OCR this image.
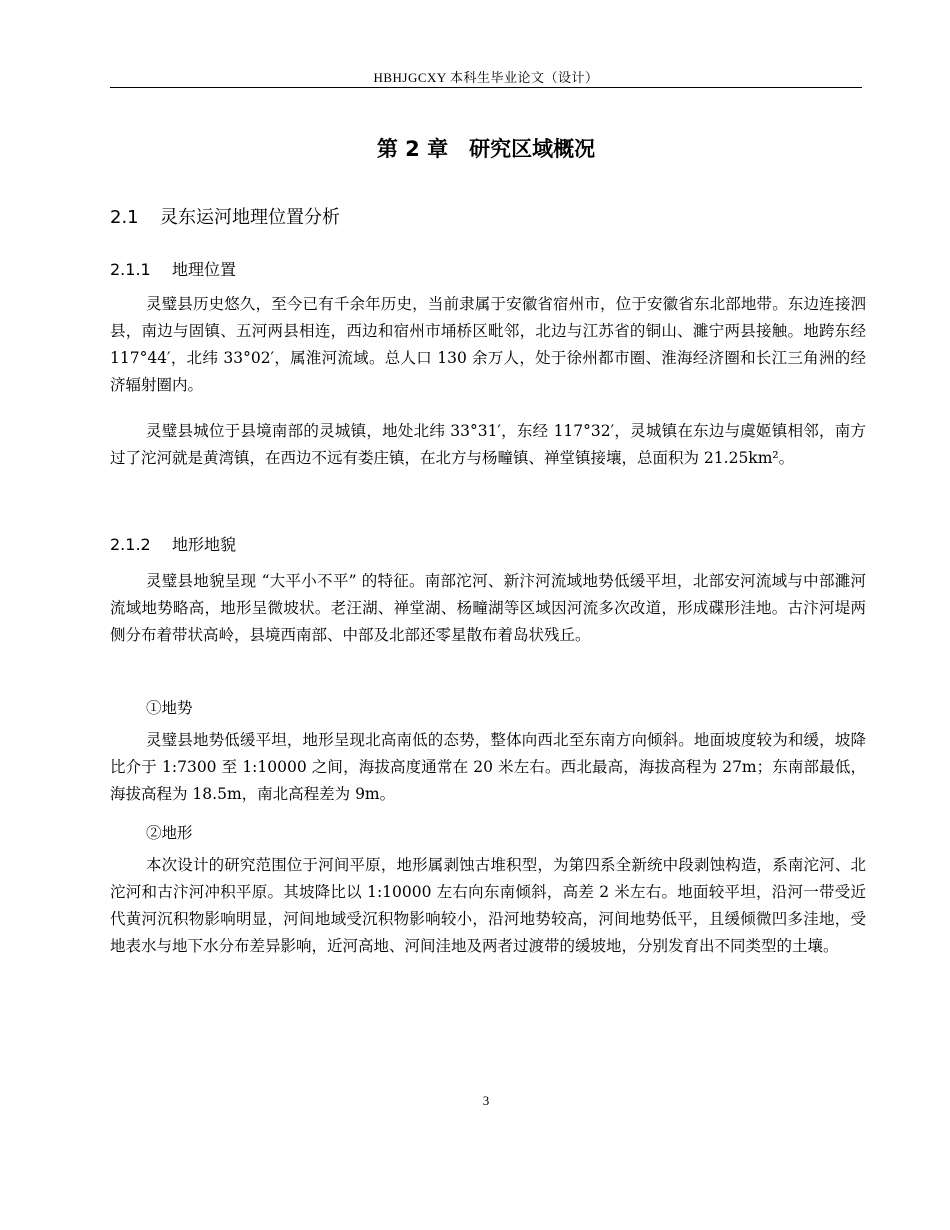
HBHJGCXY 本科生毕业论文（设计）
第 2 章　研究区域概况
2.1 灵东运河地理位置分析
2.1.1 地理位置

灵璧县历史悠久，至今已有千余年历史，当前隶属于安徽省宿州市，位于安徽省东北部地带。东边连接泗县，南边与固镇、五河两县相连，西边和宿州市埇桥区毗邻，北边与江苏省的铜山、濉宁两县接触。地跨东经 117°44′，北纬 33°02′，属淮河流域。总人口 130 余万人，处于徐州都市圈、淮海经济圈和长江三角洲的经济辐射圈内。

灵璧县城位于县境南部的灵城镇，地处北纬 33°31′，东经 117°32′，灵城镇在东边与虞姬镇相邻，南方过了沱河就是黄湾镇，在西边不远有娄庄镇，在北方与杨疃镇、禅堂镇接壤，总面积为 21.25km²。

2.1.2 地形地貌

灵璧县地貌呈现 “大平小不平” 的特征。南部沱河、新汴河流域地势低缓平坦，北部安河流域与中部濉河流域地势略高，地形呈微坡状。老汪湖、禅堂湖、杨疃湖等区域因河流多次改道，形成碟形洼地。古汴河堤两侧分布着带状高岭，县境西南部、中部及北部还零星散布着岛状残丘。

①地势

灵璧县地势低缓平坦，地形呈现北高南低的态势，整体向西北至东南方向倾斜。地面坡度较为和缓，坡降比介于 1:7300 至 1:10000 之间，海拔高度通常在 20 米左右。西北最高，海拔高程为 27m；东南部最低，海拔高程为 18.5m，南北高程差为 9m。

②地形

本次设计的研究范围位于河间平原，地形属剥蚀古堆积型，为第四系全新统中段剥蚀构造，系南沱河、北沱河和古汴河冲积平原。其坡降比以 1:10000 左右向东南倾斜，高差 2 米左右。地面较平坦，沿河一带受近代黄河沉积物影响明显，河间地域受沉积物影响较小，沿河地势较高，河间地势低平，且缓倾微凹多洼地，受地表水与地下水分布差异影响，近河高地、河间洼地及两者过渡带的缓坡地，分别发育出不同类型的土壤。

3
